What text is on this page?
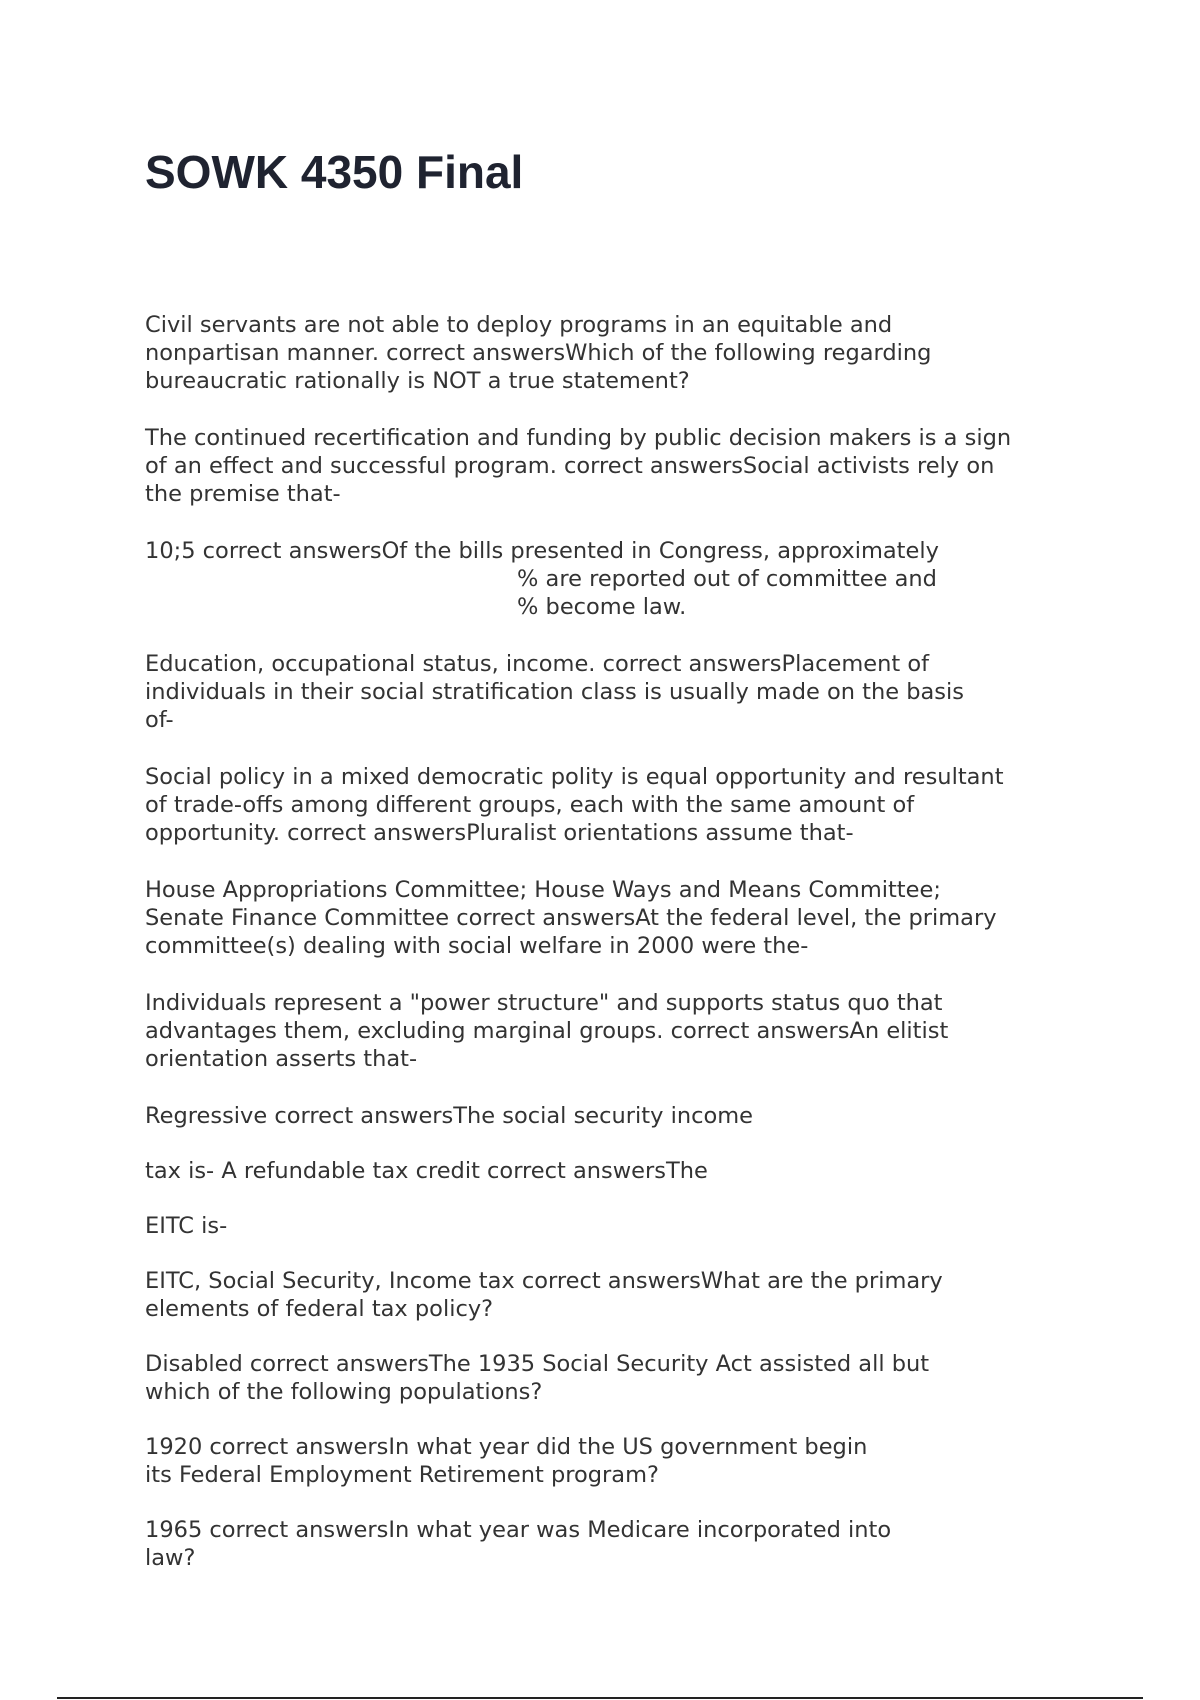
SOWK 4350 Final

Civil servants are not able to deploy programs in an equitable and
nonpartisan manner. correct answersWhich of the following regarding
bureaucratic rationally is NOT a true statement?

The continued recertification and funding by public decision makers is a sign
of an effect and successful program. correct answersSocial activists rely on
the premise that-

10;5 correct answersOf the bills presented in Congress, approximately

% are reported out of committee and
% become law.

Education, occupational status, income. correct answersPlacement of
individuals in their social stratification class is usually made on the basis
of-

Social policy in a mixed democratic polity is equal opportunity and resultant
of trade-offs among different groups, each with the same amount of
opportunity. correct answersPluralist orientations assume that-

House Appropriations Committee; House Ways and Means Committee;
Senate Finance Committee correct answersAt the federal level, the primary
committee(s) dealing with social welfare in 2000 were the-

Individuals represent a "power structure" and supports status quo that
advantages them, excluding marginal groups. correct answersAn elitist
orientation asserts that-

Regressive correct answersThe social security income

tax is- A refundable tax credit correct answersThe

EITC is-

EITC, Social Security, Income tax correct answersWhat are the primary
elements of federal tax policy?

Disabled correct answersThe 1935 Social Security Act assisted all but
which of the following populations?

1920 correct answersIn what year did the US government begin
its Federal Employment Retirement program?

1965 correct answersIn what year was Medicare incorporated into
law?
